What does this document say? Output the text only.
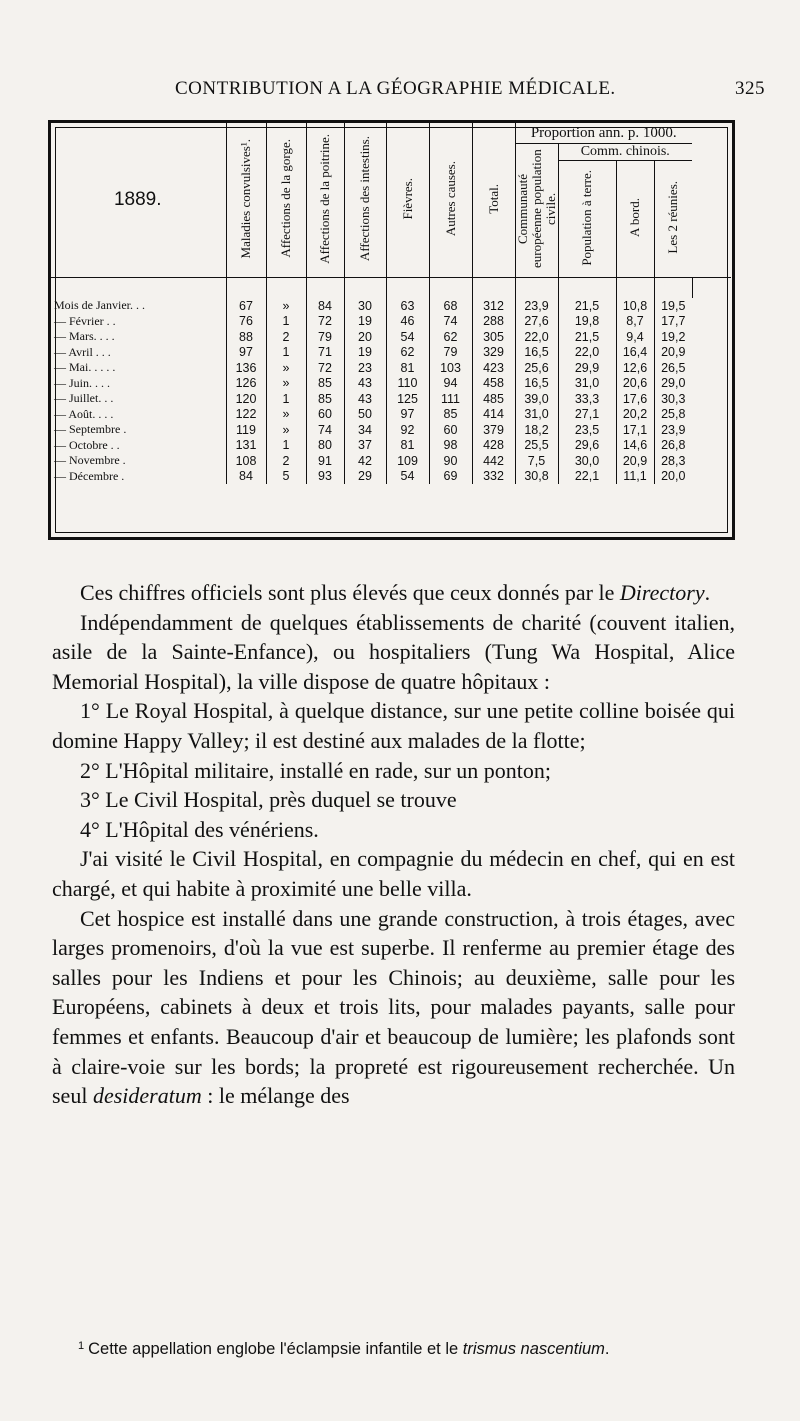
CONTRIBUTION A LA GÉOGRAPHIE MÉDICALE.	325
1889.	Maladies convulsives¹.	Affections de la gorge.	Affections de la poitrine.	Affections des intestins.	Fièvres.	Autres causes.	Total.	Proportion ann. p. 1000.				
								Communauté européenne population civile.	Comm. chinois.			
									Population à terre.	A bord.	Les 2 réunies.	

Mois de Janvier. . .	67	»	84	30	63	68	312	23,9	21,5	10,8	19,5	
— Février . .	76	1	72	19	46	74	288	27,6	19,8	8,7	17,7	
— Mars. . . .	88	2	79	20	54	62	305	22,0	21,5	9,4	19,2	
— Avril . . .	97	1	71	19	62	79	329	16,5	22,0	16,4	20,9	
— Mai. . . . .	136	»	72	23	81	103	423	25,6	29,9	12,6	26,5	
— Juin. . . .	126	»	85	43	110	94	458	16,5	31,0	20,6	29,0	
— Juillet. . .	120	1	85	43	125	111	485	39,0	33,3	17,6	30,3	
— Août. . . .	122	»	60	50	97	85	414	31,0	27,1	20,2	25,8	
— Septembre .	119	»	74	34	92	60	379	18,2	23,5	17,1	23,9	
— Octobre . .	131	1	80	37	81	98	428	25,5	29,6	14,6	26,8	
— Novembre .	108	2	91	42	109	90	442	7,5	30,0	20,9	28,3	
— Décembre .	84	5	93	29	54	69	332	30,8	22,1	11,1	20,0	

Ces chiffres officiels sont plus élevés que ceux donnés par le Directory.

Indépendamment de quelques établissements de charité (couvent italien, asile de la Sainte-Enfance), ou hospitaliers (Tung Wa Hospital, Alice Memorial Hospital), la ville dispose de quatre hôpitaux :

1° Le Royal Hospital, à quelque distance, sur une petite colline boisée qui domine Happy Valley; il est destiné aux malades de la flotte;

2° L'Hôpital militaire, installé en rade, sur un ponton;

3° Le Civil Hospital, près duquel se trouve

4° L'Hôpital des vénériens.

J'ai visité le Civil Hospital, en compagnie du médecin en chef, qui en est chargé, et qui habite à proximité une belle villa.

Cet hospice est installé dans une grande construction, à trois étages, avec larges promenoirs, d'où la vue est superbe. Il renferme au premier étage des salles pour les Indiens et pour les Chinois; au deuxième, salle pour les Européens, cabinets à deux et trois lits, pour malades payants, salle pour femmes et enfants. Beaucoup d'air et beaucoup de lumière; les plafonds sont à claire-voie sur les bords; la propreté est rigoureusement recherchée. Un seul desideratum : le mélange des

$^1$ Cette appellation englobe l'éclampsie infantile et le trismus nascentium.
